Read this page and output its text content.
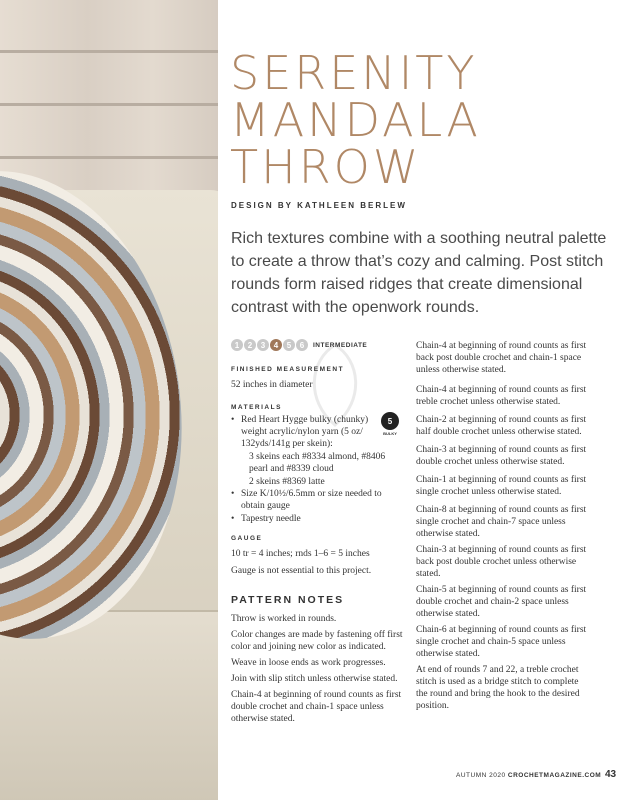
SERENITY
MANDALA
THROW
DESIGN BY KATHLEEN BERLEW
Rich textures combine with a soothing neutral palette to create a throw that’s cozy and calming. Post stitch rounds form raised ridges that create dimensional contrast with the openwork rounds.
1	2	3	4	5	6	INTERMEDIATE

FINISHED MEASUREMENT

52 inches in diameter

MATERIALS

5
BULKY
• Red Heart Hygge bulky (chunky) weight acrylic/nylon yarn (5 oz/ 132yds/141g per skein):
3 skeins each #8334 almond, #8406 pearl and #8339 cloud
2 skeins #8369 latte
• Size K/10½/6.5mm or size needed to obtain gauge
• Tapestry needle

GAUGE

10 tr = 4 inches; rnds 1–6 = 5 inches

Gauge is not essential to this project.

PATTERN NOTES

Throw is worked in rounds.

Color changes are made by fastening off first color and joining new color as indicated.

Weave in loose ends as work progresses.

Join with slip stitch unless otherwise stated.

Chain-4 at beginning of round counts as first double crochet and chain-1 space unless otherwise stated.

Chain-4 at beginning of round counts as first back post double crochet and chain-1 space unless otherwise stated.

Chain-4 at beginning of round counts as first treble crochet unless otherwise stated.

Chain-2 at beginning of round counts as first half double crochet unless otherwise stated.

Chain-3 at beginning of round counts as first double crochet unless otherwise stated.

Chain-1 at beginning of round counts as first single crochet unless otherwise stated.

Chain-8 at beginning of round counts as first single crochet and chain-7 space unless otherwise stated.

Chain-3 at beginning of round counts as first back post double crochet unless otherwise stated.

Chain-5 at beginning of round counts as first double crochet and chain-2 space unless otherwise stated.

Chain-6 at beginning of round counts as first single crochet and chain-5 space unless otherwise stated.

At end of rounds 7 and 22, a treble crochet stitch is used as a bridge stitch to complete the round and bring the hook to the desired position.

AUTUMN 2020 CROCHETMAGAZINE.COM 43
